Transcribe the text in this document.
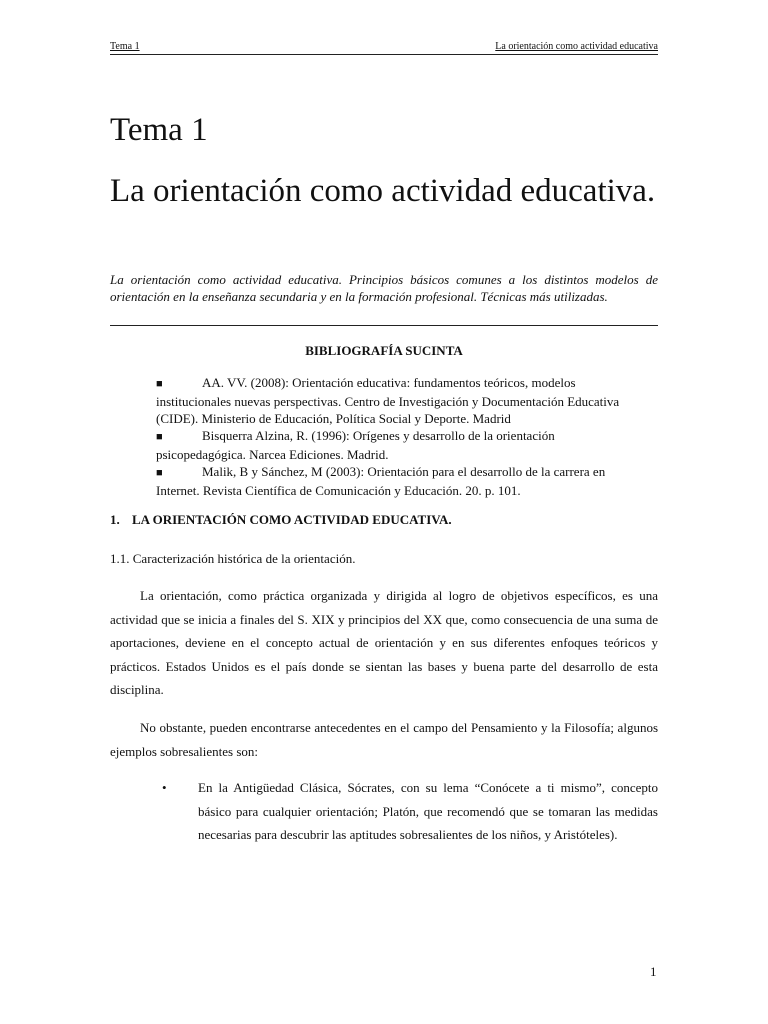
Tema 1	La orientación como actividad educativa
Tema 1
La orientación como actividad educativa.

La orientación como actividad educativa. Principios básicos comunes a los distintos modelos de orientación en la enseñanza secundaria y en la formación profesional. Técnicas más utilizadas.

BIBLIOGRAFÍA SUCINTA

■	AA. VV. (2008): Orientación educativa: fundamentos teóricos, modelos institucionales nuevas perspectivas. Centro de Investigación y Documentación Educativa (CIDE). Ministerio de Educación, Política Social y Deporte. Madrid

■	Bisquerra Alzina, R. (1996): Orígenes y desarrollo de la orientación psicopedagógica. Narcea Ediciones. Madrid.

■	Malik, B y Sánchez, M (2003): Orientación para el desarrollo de la carrera en Internet. Revista Científica de Comunicación y Educación. 20. p. 101.

1. LA ORIENTACIÓN COMO ACTIVIDAD EDUCATIVA.

1.1. Caracterización histórica de la orientación.

La orientación, como práctica organizada y dirigida al logro de objetivos específicos, es una actividad que se inicia a finales del S. XIX y principios del XX que, como consecuencia de una suma de aportaciones, deviene en el concepto actual de orientación y en sus diferentes enfoques teóricos y prácticos. Estados Unidos es el país donde se sientan las bases y buena parte del desarrollo de esta disciplina.

No obstante, pueden encontrarse antecedentes en el campo del Pensamiento y la Filosofía; algunos ejemplos sobresalientes son:

•	En la Antigüedad Clásica, Sócrates, con su lema “Conócete a ti mismo”, concepto básico para cualquier orientación; Platón, que recomendó que se tomaran las medidas necesarias para descubrir las aptitudes sobresalientes de los niños, y Aristóteles).
1
